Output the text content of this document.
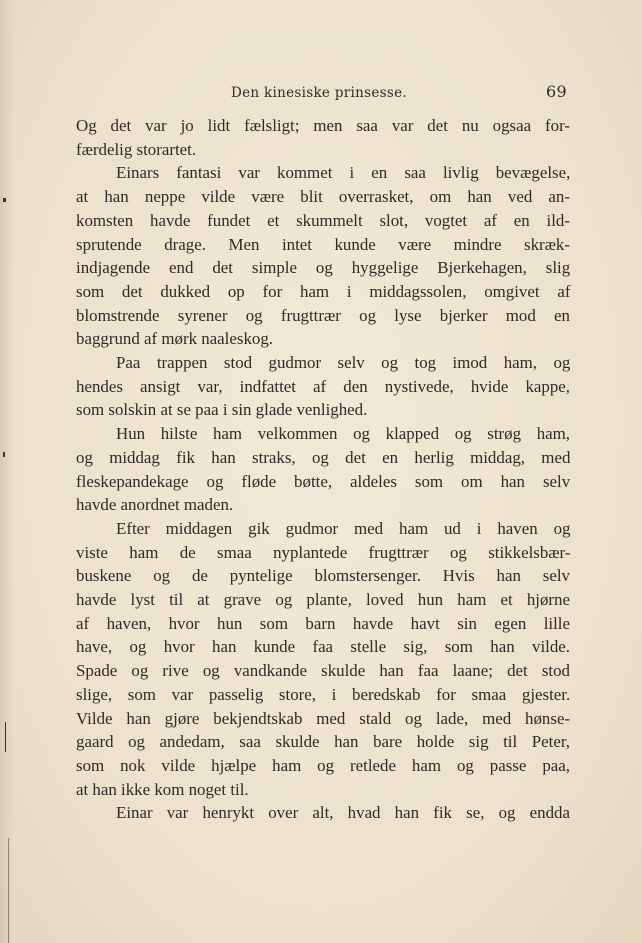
Den kinesiske prinsesse.	69

Og det var jo lidt fælsligt; men saa var det nu ogsaa for-
færdelig storartet.

Einars fantasi var kommet i en saa livlig bevægelse,
at han neppe vilde være blit overrasket, om han ved an-
komsten havde fundet et skummelt slot, vogtet af en ild-
sprutende drage. Men intet kunde være mindre skræk-
indjagende end det simple og hyggelige Bjerkehagen, slig
som det dukked op for ham i middagssolen, omgivet af
blomstrende syrener og frugttrær og lyse bjerker mod en
baggrund af mørk naaleskog.

Paa trappen stod gudmor selv og tog imod ham, og
hendes ansigt var, indfattet af den nystivede, hvide kappe,
som solskin at se paa i sin glade venlighed.

Hun hilste ham velkommen og klapped og strøg ham,
og middag fik han straks, og det en herlig middag, med
fleskepandekage og fløde bøtte, aldeles som om han selv
havde anordnet maden.

Efter middagen gik gudmor med ham ud i haven og
viste ham de smaa nyplantede frugttrær og stikkelsbær-
buskene og de pyntelige blomstersenger. Hvis han selv
havde lyst til at grave og plante, loved hun ham et hjørne
af haven, hvor hun som barn havde havt sin egen lille
have, og hvor han kunde faa stelle sig, som han vilde.
Spade og rive og vandkande skulde han faa laane; det stod
slige, som var passelig store, i beredskab for smaa gjester.
Vilde han gjøre bekjendtskab med stald og lade, med hønse-
gaard og andedam, saa skulde han bare holde sig til Peter,
som nok vilde hjælpe ham og retlede ham og passe paa,
at han ikke kom noget til.

Einar var henrykt over alt, hvad han fik se, og endda
